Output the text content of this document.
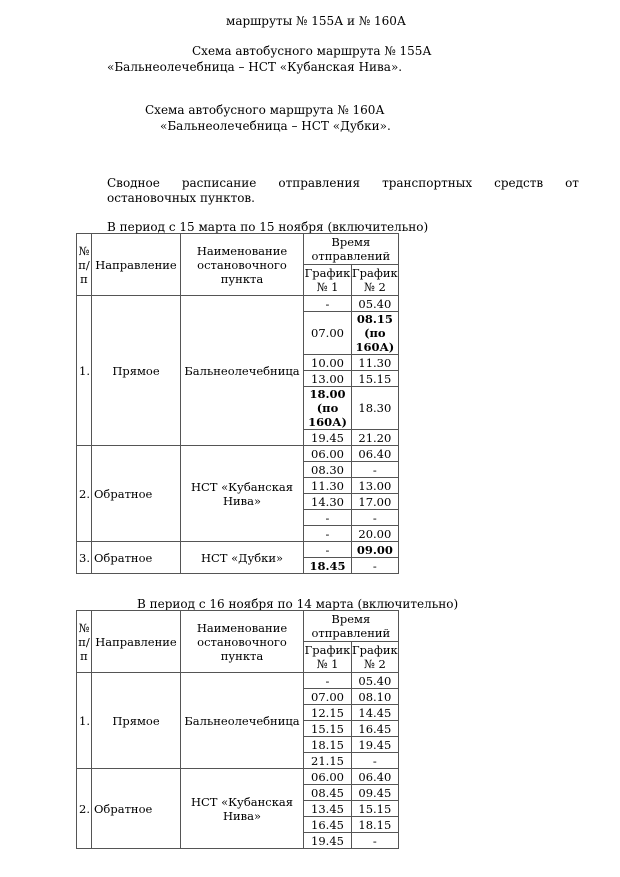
маршруты № 155А и № 160А
Схема автобусного маршрута № 155А
«Бальнеолечебница – НСТ «Кубанская Нива».
Схема автобусного маршрута № 160А
«Бальнеолечебница – НСТ «Дубки».
Сводное расписание отправления транспортных средств от
остановочных пунктов.
В период с 15 марта по 15 ноября (включительно)
В период с 16 ноября по 14 марта (включительно)
№ п/п	Направление	Наименование остановочного пункта	Время отправлений	
			График № 1	График № 2
1.	Прямое	Бальнеолечебница	-	05.40
			07.00	08.15 (по 160А)
			10.00	11.30
			13.00	15.15
			18.00 (по 160А)	18.30
			19.45	21.20
2.	Обратное	НСТ «Кубанская Нива»	06.00	06.40
			08.30	-
			11.30	13.00
			14.30	17.00
			-	-
			-	20.00
3.	Обратное	НСТ «Дубки»	-	09.00
			18.45	-
№ п/п	Направление	Наименование остановочного пункта	Время отправлений	
			График № 1	График № 2
1.	Прямое	Бальнеолечебница	-	05.40
			07.00	08.10
			12.15	14.45
			15.15	16.45
			18.15	19.45
			21.15	-
2.	Обратное	НСТ «Кубанская Нива»	06.00	06.40
			08.45	09.45
			13.45	15.15
			16.45	18.15
			19.45	-
